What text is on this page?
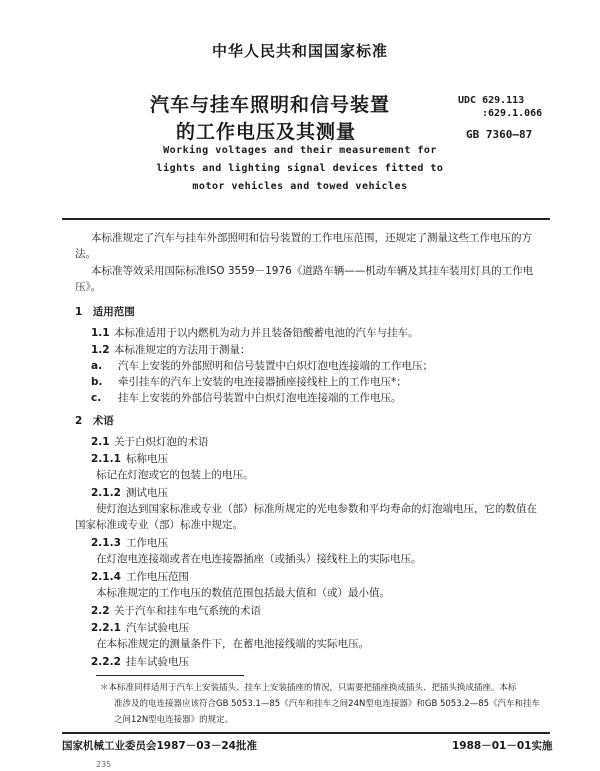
中华人民共和国国家标准
汽车与挂车照明和信号装置
的工作电压及其测量
UDC 629.113
:629.1.066
GB 7360—87
Working voltages and their measurement for
lights and lighting signal devices fitted to
motor vehicles and towed vehicles
本标准规定了汽车与挂车外部照明和信号装置的工作电压范围，还规定了测量这些工作电压的方
法。
本标准等效采用国际标准ISO 3559－1976《道路车辆——机动车辆及其挂车装用灯具的工作电
压》。
1　适用范围
1.1 本标准适用于以内燃机为动力并且装备铅酸蓄电池的汽车与挂车。
1.2 本标准规定的方法用于测量：
a. 汽车上安装的外部照明和信号装置中白炽灯泡电连接端的工作电压；
b. 牵引挂车的汽车上安装的电连接器插座接线柱上的工作电压*；
c. 挂车上安装的外部信号装置中白炽灯泡电连接端的工作电压。
2　术语
2.1 关于白炽灯泡的术语
2.1.1 标称电压
标记在灯泡或它的包装上的电压。
2.1.2 测试电压
使灯泡达到国家标准或专业（部）标准所规定的光电参数和平均寿命的灯泡端电压，它的数值在
国家标准或专业（部）标准中规定。
2.1.3 工作电压
在灯泡电连接端或者在电连接器插座（或插头）接线柱上的实际电压。
2.1.4 工作电压范围
本标准规定的工作电压的数值范围包括最大值和（或）最小值。
2.2 关于汽车和挂车电气系统的术语
2.2.1 汽车试验电压
在本标准规定的测量条件下，在蓄电池接线端的实际电压。
2.2.2 挂车试验电压
＊本标准同样适用于汽车上安装插头、挂车上安装插座的情况，只需要把插座换成插头、把插头换成插座。本标
准涉及的电连接器应该符合GB 5053.1—85《汽车和挂车之间24N型电连接器》和GB 5053.2—85《汽车和挂车
之间12N型电连接器》的规定。
国家机械工业委员会1987－03－24批准	1988－01－01实施
235
